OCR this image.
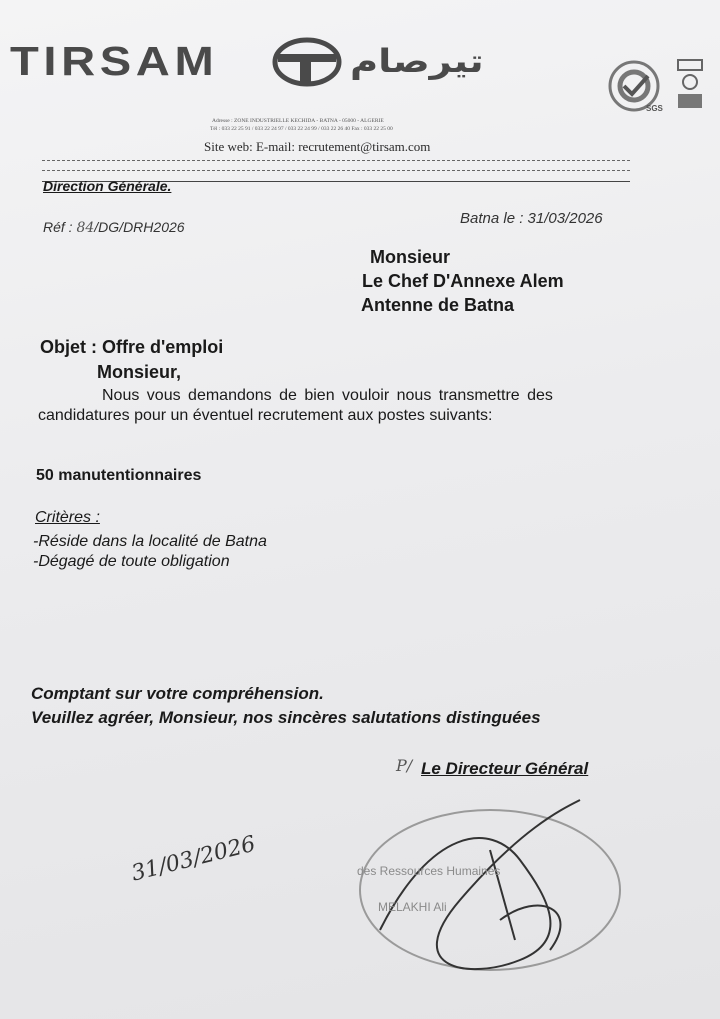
TIRSAM	تيرصام
SGS
Adresse : ZONE INDUSTRIELLE KECHIDA - BATNA - 05000 - ALGERIE
Tél : 033 22 25 91 / 033 22 24 97 / 033 22 24 99 / 033 22 26 40 Fax : 033 22 25 00
Site web: E-mail: recrutement@tirsam.com
Direction Générale.
Réf : 84/DG/DRH2026	Batna le : 31/03/2026
Monsieur
Le Chef D'Annexe Alem
Antenne de Batna
Objet : Offre d'emploi
Monsieur,
Nous vous demandons de bien vouloir nous transmettre des
candidatures pour un éventuel recrutement aux postes suivants:
50 manutentionnaires
Critères :
-Réside dans la localité de Batna
-Dégagé de toute obligation
Comptant sur votre compréhension.
Veuillez agréer, Monsieur, nos sincères salutations distinguées
P/ Le Directeur Général
31/03/2026	des Ressources Humaines
MELAKHI Ali
